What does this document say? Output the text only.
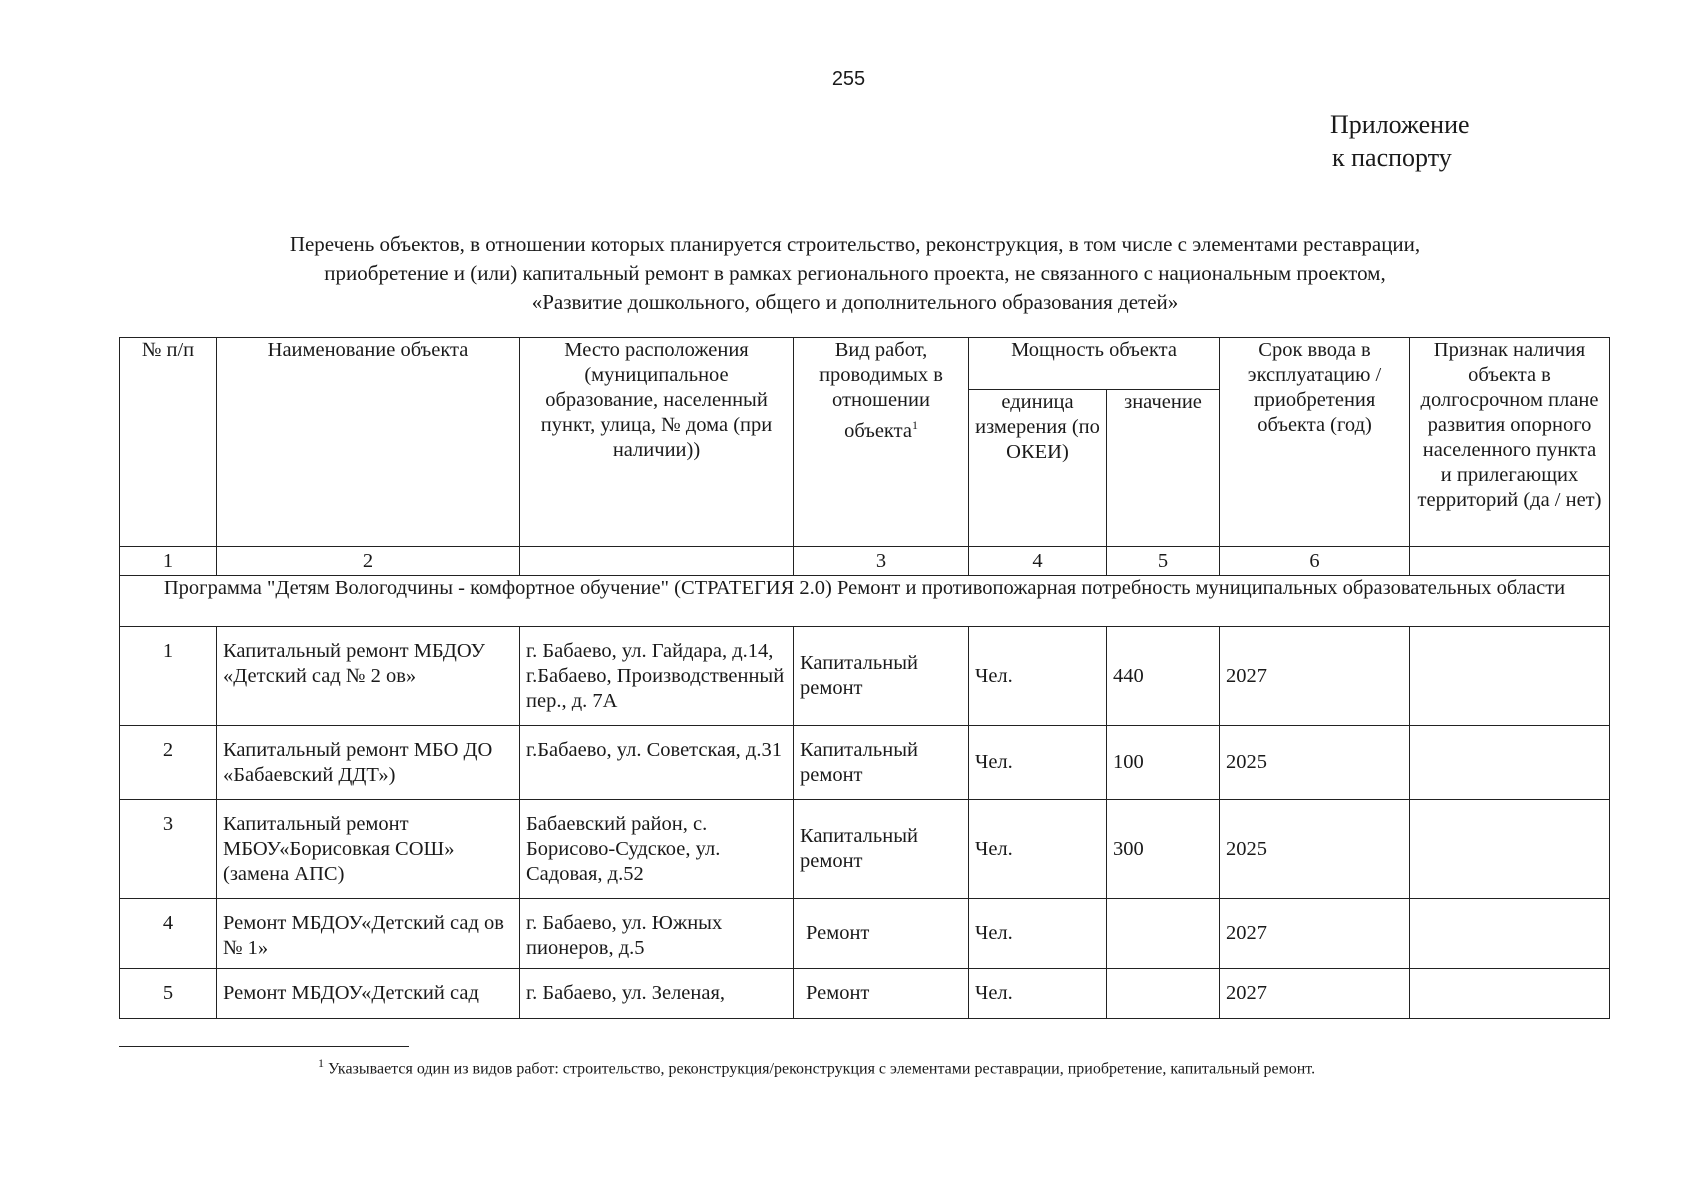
255
Приложение
к паспорту
Перечень объектов, в отношении которых планируется строительство, реконструкция, в том числе с элементами реставрации,
приобретение и (или) капитальный ремонт в рамках регионального проекта, не связанного с национальным проектом,
«Развитие дошкольного, общего и дополнительного образования детей»
№ п/п	Наименование объекта	Место расположения (муниципальное образование, населенный пункт, улица, № дома (при наличии))	Вид работ, проводимых в отношении объекта$^1$	Мощность объекта		Срок ввода в эксплуатацию /приобретения объекта (год)	Признак наличия объекта в долгосрочном плане развития опорного населенного пункта и прилегающих территорий (да / нет)
				единица измерения (по ОКЕИ)	значение		
1	2		3	4	5	6	
Программа "Детям Вологодчины - комфортное обучение" (СТРАТЕГИЯ 2.0) Ремонт и противопожарная потребность муниципальных образовательных области							
1	Капитальный ремонт МБДОУ «Детский сад № 2 ов»	г. Бабаево, ул. Гайдара, д.14, г.Бабаево, Производственный пер., д. 7А	Капитальный ремонт	Чел.	440	2027	
2	Капитальный ремонт МБО ДО «Бабаевский ДДТ»)	г.Бабаево, ул. Советская, д.31	Капитальный ремонт	Чел.	100	2025	
3	Капитальный ремонт МБОУ«Борисовкая СОШ» (замена АПС)	Бабаевский район, с. Борисово-Судское, ул. Садовая, д.52	Капитальный ремонт	Чел.	300	2025	
4	Ремонт МБДОУ«Детский сад ов № 1»	г. Бабаево, ул. Южных пионеров, д.5	Ремонт	Чел.		2027	
5	Ремонт МБДОУ«Детский сад	г. Бабаево, ул. Зеленая,	Ремонт	Чел.		2027	
$^1$ Указывается один из видов работ: строительство, реконструкция/реконструкция с элементами реставрации, приобретение, капитальный ремонт.
